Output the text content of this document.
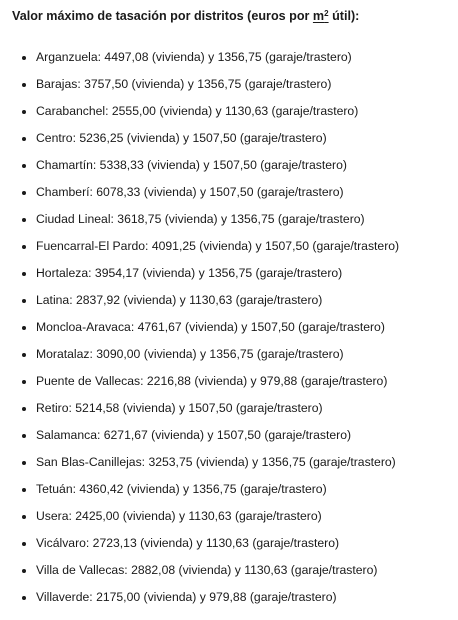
Valor máximo de tasación por distritos (euros por $m^2$ útil):
Arganzuela: 4497,08 (vivienda) y 1356,75 (garaje/trastero)
Barajas: 3757,50 (vivienda) y 1356,75 (garaje/trastero)
Carabanchel: 2555,00 (vivienda) y 1130,63 (garaje/trastero)
Centro: 5236,25 (vivienda) y 1507,50 (garaje/trastero)
Chamartín: 5338,33 (vivienda) y 1507,50 (garaje/trastero)
Chamberí: 6078,33 (vivienda) y 1507,50 (garaje/trastero)
Ciudad Lineal: 3618,75 (vivienda) y 1356,75 (garaje/trastero)
Fuencarral-El Pardo: 4091,25 (vivienda) y 1507,50 (garaje/trastero)
Hortaleza: 3954,17 (vivienda) y 1356,75 (garaje/trastero)
Latina: 2837,92 (vivienda) y 1130,63 (garaje/trastero)
Moncloa-Aravaca: 4761,67 (vivienda) y 1507,50 (garaje/trastero)
Moratalaz: 3090,00 (vivienda) y 1356,75 (garaje/trastero)
Puente de Vallecas: 2216,88 (vivienda) y 979,88 (garaje/trastero)
Retiro: 5214,58 (vivienda) y 1507,50 (garaje/trastero)
Salamanca: 6271,67 (vivienda) y 1507,50 (garaje/trastero)
San Blas-Canillejas: 3253,75 (vivienda) y 1356,75 (garaje/trastero)
Tetuán: 4360,42 (vivienda) y 1356,75 (garaje/trastero)
Usera: 2425,00 (vivienda) y 1130,63 (garaje/trastero)
Vicálvaro: 2723,13 (vivienda) y 1130,63 (garaje/trastero)
Villa de Vallecas: 2882,08 (vivienda) y 1130,63 (garaje/trastero)
Villaverde: 2175,00 (vivienda) y 979,88 (garaje/trastero)
